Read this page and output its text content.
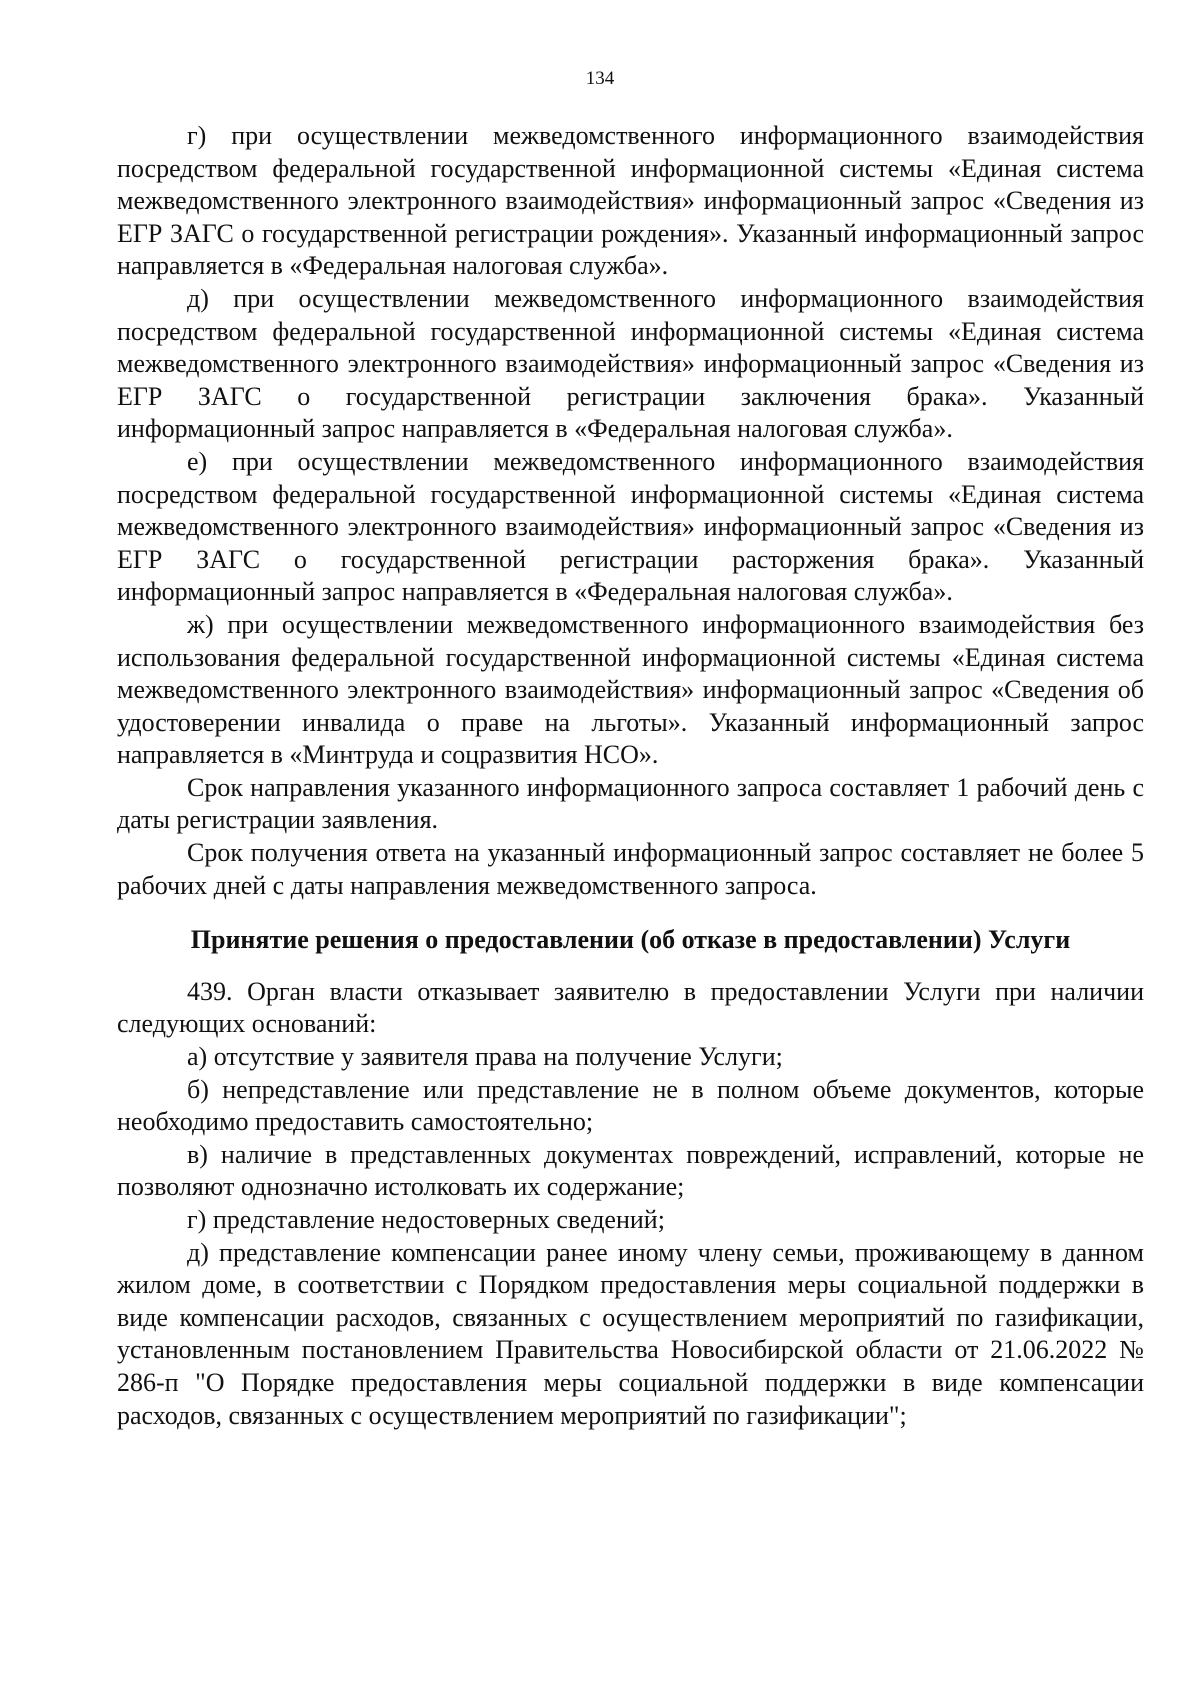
134

г) при осуществлении межведомственного информационного взаимодействия посредством федеральной государственной информационной системы «Единая система межведомственного электронного взаимодействия» информационный запрос «Сведения из ЕГР ЗАГС о государственной регистрации рождения». Указанный информационный запрос направляется в «Федеральная налоговая служба».

д) при осуществлении межведомственного информационного взаимодействия посредством федеральной государственной информационной системы «Единая система межведомственного электронного взаимодействия» информационный запрос «Сведения из ЕГР ЗАГС о государственной регистрации заключения брака». Указанный информационный запрос направляется в «Федеральная налоговая служба».

е) при осуществлении межведомственного информационного взаимодействия посредством федеральной государственной информационной системы «Единая система межведомственного электронного взаимодействия» информационный запрос «Сведения из ЕГР ЗАГС о государственной регистрации расторжения брака». Указанный информационный запрос направляется в «Федеральная налоговая служба».

ж) при осуществлении межведомственного информационного взаимодействия без использования федеральной государственной информационной системы «Единая система межведомственного электронного взаимодействия» информационный запрос «Сведения об удостоверении инвалида о праве на льготы». Указанный информационный запрос направляется в «Минтруда и соцразвития НСО».

Срок направления указанного информационного запроса составляет 1 рабочий день с даты регистрации заявления.

Срок получения ответа на указанный информационный запрос составляет не более 5 рабочих дней с даты направления межведомственного запроса.

Принятие решения о предоставлении (об отказе в предоставлении) Услуги

439. Орган власти отказывает заявителю в предоставлении Услуги при наличии следующих оснований:

а) отсутствие у заявителя права на получение Услуги;

б) непредставление или представление не в полном объеме документов, которые необходимо предоставить самостоятельно;

в) наличие в представленных документах повреждений, исправлений, которые не позволяют однозначно истолковать их содержание;

г) представление недостоверных сведений;

д) представление компенсации ранее иному члену семьи, проживающему в данном жилом доме, в соответствии с Порядком предоставления меры социальной поддержки в виде компенсации расходов, связанных с осуществлением мероприятий по газификации, установленным постановлением Правительства Новосибирской области от 21.06.2022 № 286-п "О Порядке предоставления меры социальной поддержки в виде компенсации расходов, связанных с осуществлением мероприятий по газификации";
